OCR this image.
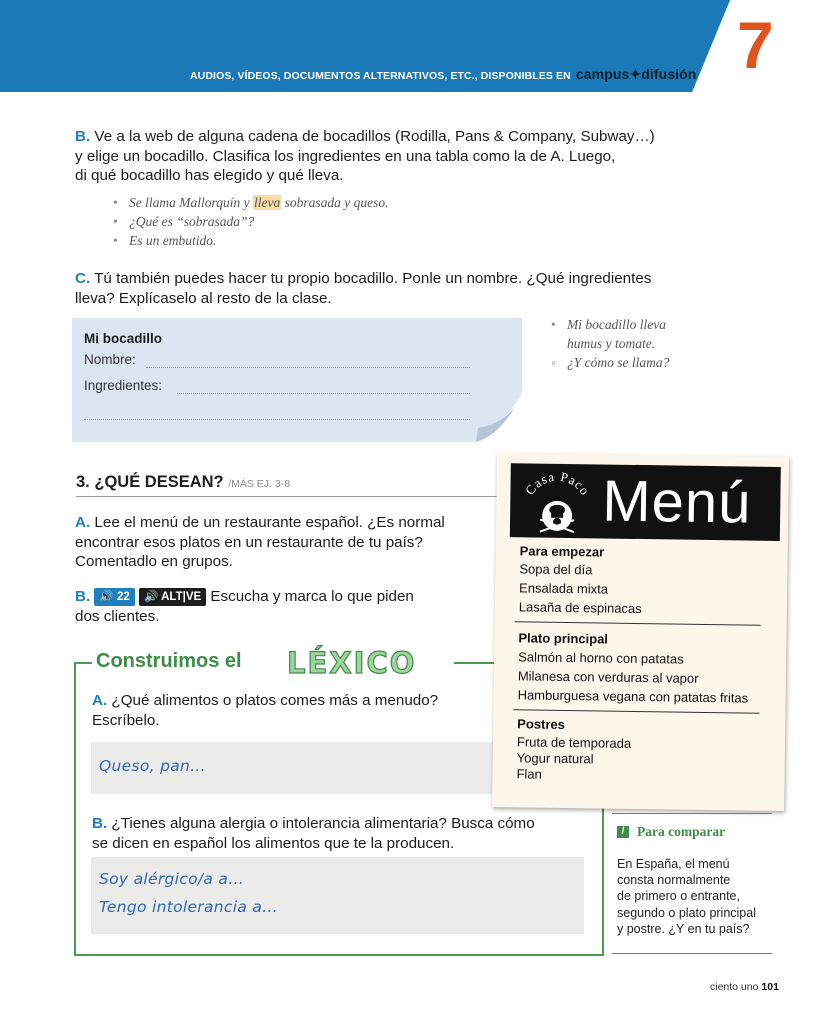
AUDIOS, VÍDEOS, DOCUMENTOS ALTERNATIVOS, ETC., DISPONIBLES EN campus✦difusión 7
B. Ve a la web de alguna cadena de bocadillos (Rodilla, Pans & Company, Subway…)
y elige un bocadillo. Clasifica los ingredientes en una tabla como la de A. Luego,
di qué bocadillo has elegido y qué lleva.
• Se llama Mallorquín y lleva sobrasada y queso.
• ¿Qué es “sobrasada”?
• Es un embutido.
C. Tú también puedes hacer tu propio bocadillo. Ponle un nombre. ¿Qué ingredientes
lleva? Explícaselo al resto de la clase.
Mi bocadillo
Nombre:
Ingredientes:
• Mi bocadillo lleva
humus y tomate.
◦ ¿Y cómo se llama?
3. ¿QUÉ DESEAN? /MÁS EJ. 3-8
A. Lee el menú de un restaurante español. ¿Es normal
encontrar esos platos en un restaurante de tu país?
Comentadlo en grupos.
B. 🔊 22 🔊 ALT|VE Escucha y marca lo que piden
dos clientes.
Construimos el LÉXICO
A. ¿Qué alimentos o platos comes más a menudo?
Escríbelo.
Queso, pan…
B. ¿Tienes alguna alergia o intolerancia alimentaria? Busca cómo
se dicen en español los alimentos que te la producen.
Soy alérgico/a a…
Tengo intolerancia a…
Casa Paco Menú
Para empezar
Sopa del día
Ensalada mixta
Lasaña de espinacas
Plato principal
Salmón al horno con patatas
Milanesa con verduras al vapor
Hamburguesa vegana con patatas fritas
Postres
Fruta de temporada
Yogur natural
Flan
/ Para comparar
En España, el menú
consta normalmente
de primero o entrante,
segundo o plato principal
y postre. ¿Y en tu país?
ciento uno 101
